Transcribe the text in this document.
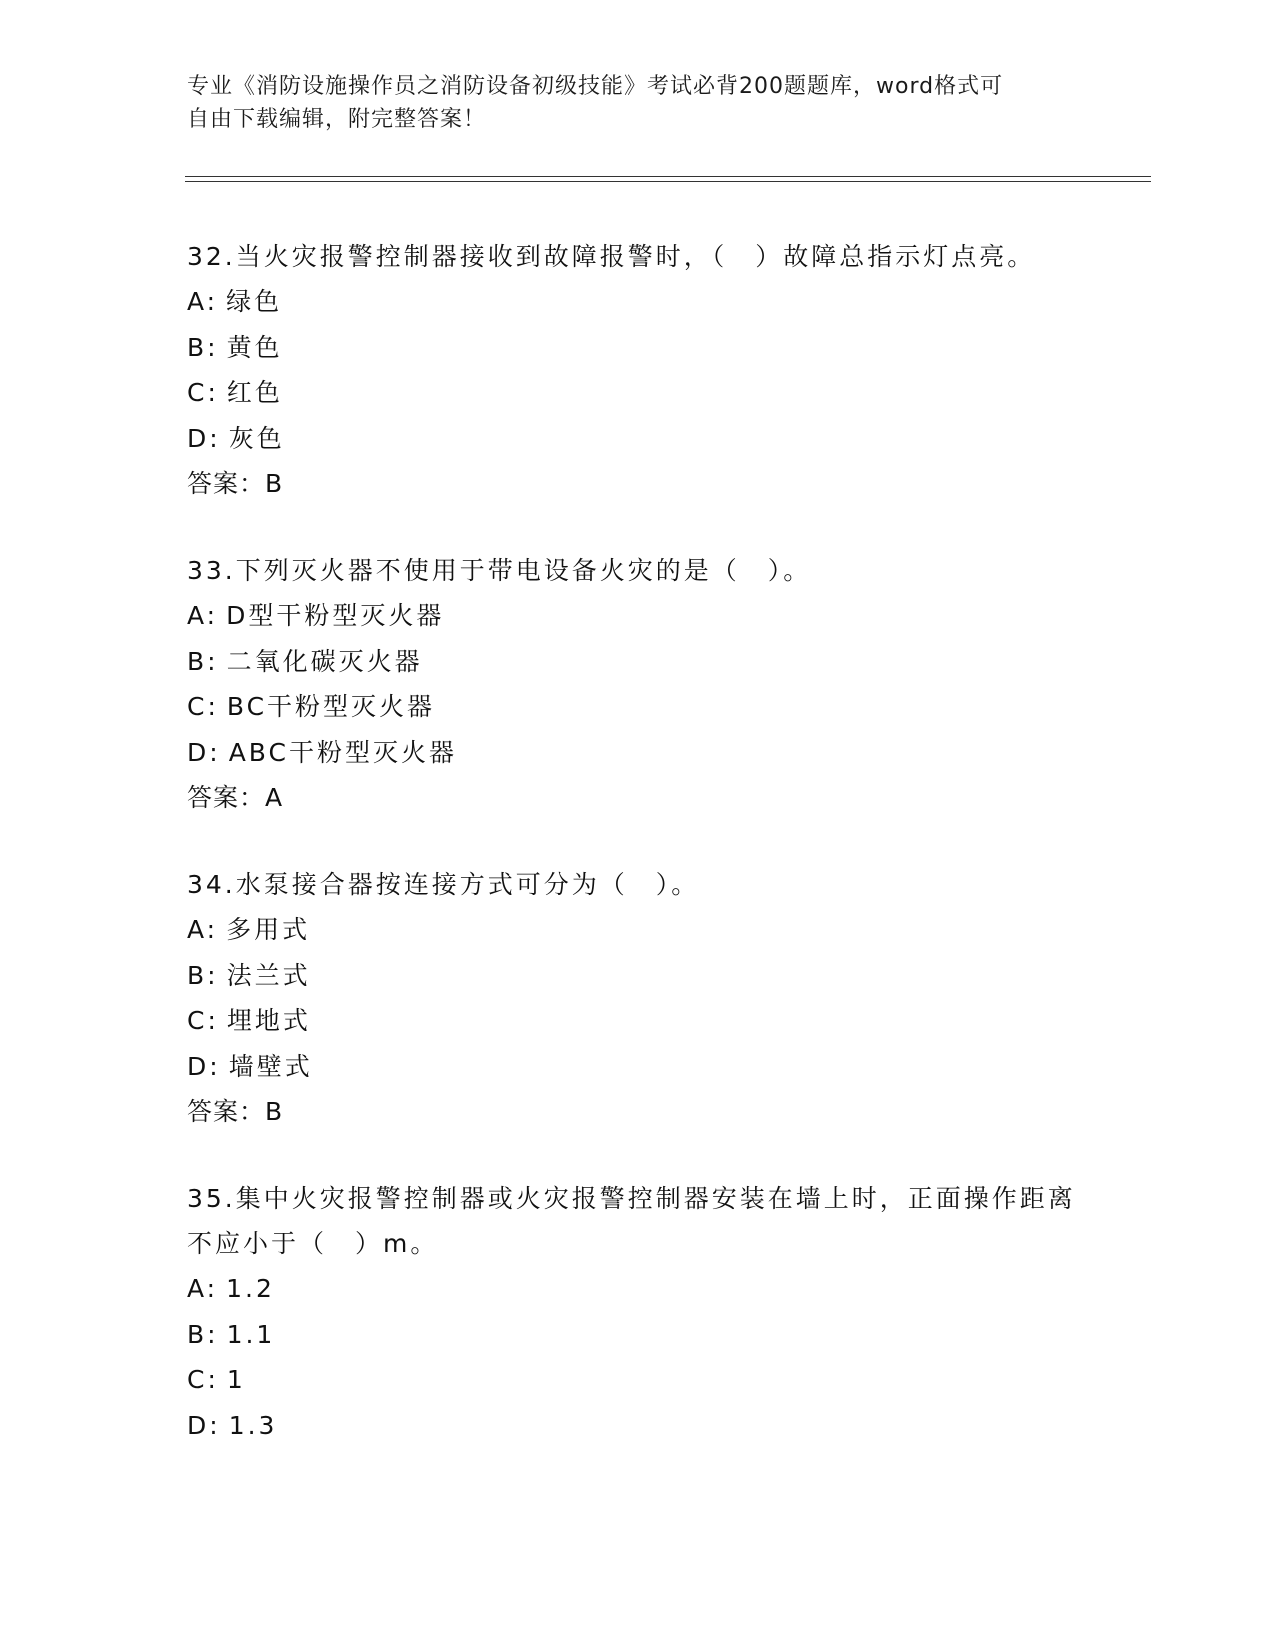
专业《消防设施操作员之消防设备初级技能》考试必背200题题库，word格式可
自由下载编辑，附完整答案！

32.当火灾报警控制器接收到故障报警时，（　）故障总指示灯点亮。

A: 绿色

B: 黄色

C: 红色

D: 灰色

答案：B

33.下列灭火器不使用于带电设备火灾的是（　）。

A: D型干粉型灭火器

B: 二氧化碳灭火器

C: BC干粉型灭火器

D: ABC干粉型灭火器

答案：A

34.水泵接合器按连接方式可分为（　）。

A: 多用式

B: 法兰式

C: 埋地式

D: 墙壁式

答案：B

35.集中火灾报警控制器或火灾报警控制器安装在墙上时，正面操作距离不应小于（　）m。

A: 1.2

B: 1.1

C: 1

D: 1.3
